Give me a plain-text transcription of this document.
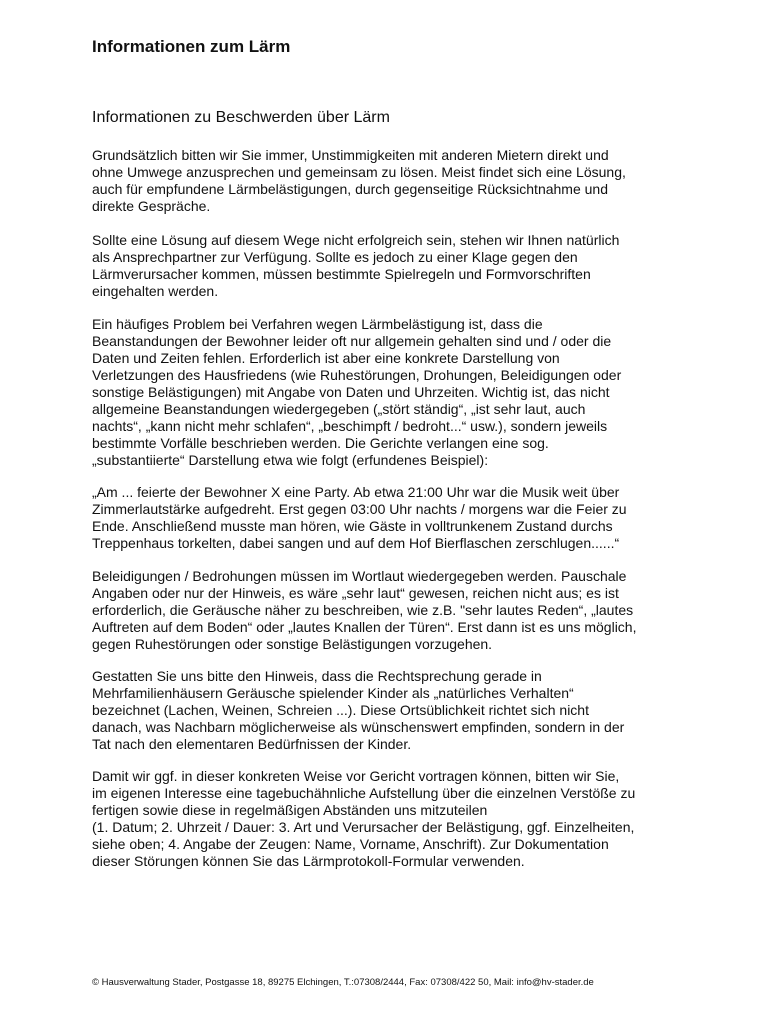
Informationen zum Lärm
Informationen zu Beschwerden über Lärm

Grundsätzlich bitten wir Sie immer, Unstimmigkeiten mit anderen Mietern direkt und
ohne Umwege anzusprechen und gemeinsam zu lösen. Meist findet sich eine Lösung,
auch für empfundene Lärmbelästigungen, durch gegenseitige Rücksichtnahme und
direkte Gespräche.

Sollte eine Lösung auf diesem Wege nicht erfolgreich sein, stehen wir Ihnen natürlich
als Ansprechpartner zur Verfügung. Sollte es jedoch zu einer Klage gegen den
Lärmverursacher kommen, müssen bestimmte Spielregeln und Formvorschriften
eingehalten werden.

Ein häufiges Problem bei Verfahren wegen Lärmbelästigung ist, dass die
Beanstandungen der Bewohner leider oft nur allgemein gehalten sind und / oder die
Daten und Zeiten fehlen. Erforderlich ist aber eine konkrete Darstellung von
Verletzungen des Hausfriedens (wie Ruhestörungen, Drohungen, Beleidigungen oder
sonstige Belästigungen) mit Angabe von Daten und Uhrzeiten. Wichtig ist, das nicht
allgemeine Beanstandungen wiedergegeben („stört ständig“, „ist sehr laut, auch
nachts“, „kann nicht mehr schlafen“, „beschimpft / bedroht...“ usw.), sondern jeweils
bestimmte Vorfälle beschrieben werden. Die Gerichte verlangen eine sog.
„substantiierte“ Darstellung etwa wie folgt (erfundenes Beispiel):

„Am ... feierte der Bewohner X eine Party. Ab etwa 21:00 Uhr war die Musik weit über
Zimmerlautstärke aufgedreht. Erst gegen 03:00 Uhr nachts / morgens war die Feier zu
Ende. Anschließend musste man hören, wie Gäste in volltrunkenem Zustand durchs
Treppenhaus torkelten, dabei sangen und auf dem Hof Bierflaschen zerschlugen......“

Beleidigungen / Bedrohungen müssen im Wortlaut wiedergegeben werden. Pauschale
Angaben oder nur der Hinweis, es wäre „sehr laut“ gewesen, reichen nicht aus; es ist
erforderlich, die Geräusche näher zu beschreiben, wie z.B. "sehr lautes Reden“, „lautes
Auftreten auf dem Boden“ oder „lautes Knallen der Türen“. Erst dann ist es uns möglich,
gegen Ruhestörungen oder sonstige Belästigungen vorzugehen.

Gestatten Sie uns bitte den Hinweis, dass die Rechtsprechung gerade in
Mehrfamilienhäusern Geräusche spielender Kinder als „natürliches Verhalten“
bezeichnet (Lachen, Weinen, Schreien ...). Diese Ortsüblichkeit richtet sich nicht
danach, was Nachbarn möglicherweise als wünschenswert empfinden, sondern in der
Tat nach den elementaren Bedürfnissen der Kinder.

Damit wir ggf. in dieser konkreten Weise vor Gericht vortragen können, bitten wir Sie,
im eigenen Interesse eine tagebuchähnliche Aufstellung über die einzelnen Verstöße zu
fertigen sowie diese in regelmäßigen Abständen uns mitzuteilen
(1. Datum; 2. Uhrzeit / Dauer: 3. Art und Verursacher der Belästigung, ggf. Einzelheiten,
siehe oben; 4. Angabe der Zeugen: Name, Vorname, Anschrift). Zur Dokumentation
dieser Störungen können Sie das Lärmprotokoll-Formular verwenden.

© Hausverwaltung Stader, Postgasse 18, 89275 Elchingen, T.:07308/2444, Fax: 07308/422 50, Mail: info@hv-stader.de
